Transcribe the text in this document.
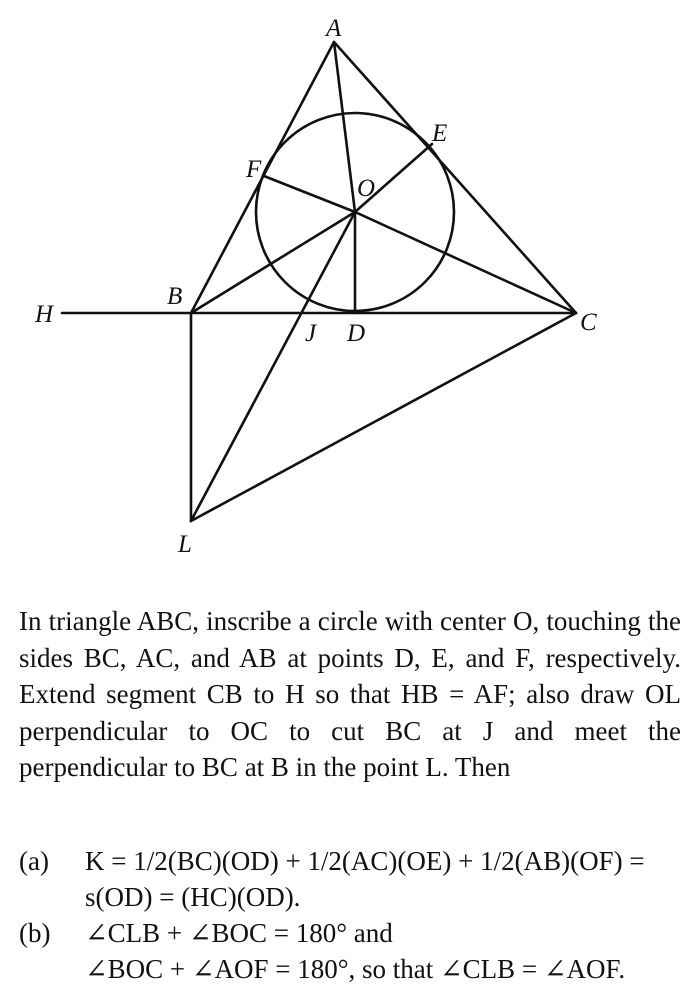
A
E
F
O
B
H	C
J D
L

In triangle ABC, inscribe a circle with center O, touching the sides BC, AC, and AB at points D, E, and F, respectively. Extend segment CB to H so that HB = AF; also draw OL perpendicular to OC to cut BC at J and meet the perpendicular to BC at B in the point L. Then

(a) K = 1/2(BC)(OD) + 1/2(AC)(OE) + 1/2(AB)(OF) =
s(OD) = (HC)(OD).
(b) ∠CLB + ∠BOC = 180° and
∠BOC + ∠AOF = 180°, so that ∠CLB = ∠AOF.
